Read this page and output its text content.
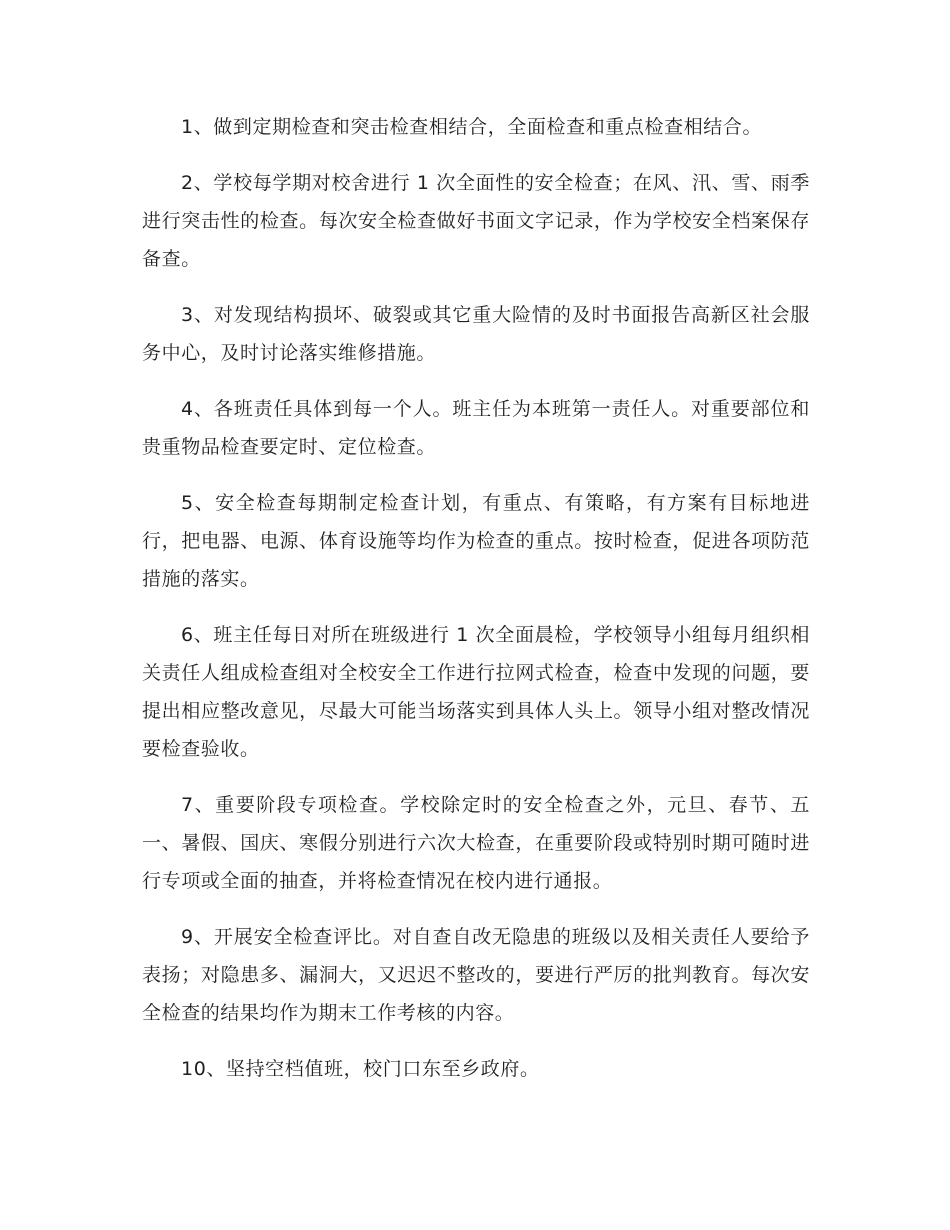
1、做到定期检查和突击检查相结合，全面检查和重点检查相结合。

2、学校每学期对校舍进行 1 次全面性的安全检查；在风、汛、雪、雨季进行突击性的检查。每次安全检查做好书面文字记录，作为学校安全档案保存备查。

3、对发现结构损坏、破裂或其它重大险情的及时书面报告高新区社会服务中心，及时讨论落实维修措施。

4、各班责任具体到每一个人。班主任为本班第一责任人。对重要部位和贵重物品检查要定时、定位检查。

5、安全检查每期制定检查计划，有重点、有策略，有方案有目标地进行，把电器、电源、体育设施等均作为检查的重点。按时检查，促进各项防范措施的落实。

6、班主任每日对所在班级进行 1 次全面晨检，学校领导小组每月组织相关责任人组成检查组对全校安全工作进行拉网式检查，检查中发现的问题，要提出相应整改意见，尽最大可能当场落实到具体人头上。领导小组对整改情况要检查验收。

7、重要阶段专项检查。学校除定时的安全检查之外，元旦、春节、五一、暑假、国庆、寒假分别进行六次大检查，在重要阶段或特别时期可随时进行专项或全面的抽查，并将检查情况在校内进行通报。

9、开展安全检查评比。对自查自改无隐患的班级以及相关责任人要给予表扬；对隐患多、漏洞大，又迟迟不整改的，要进行严厉的批判教育。每次安全检查的结果均作为期末工作考核的内容。

10、坚持空档值班，校门口东至乡政府。
